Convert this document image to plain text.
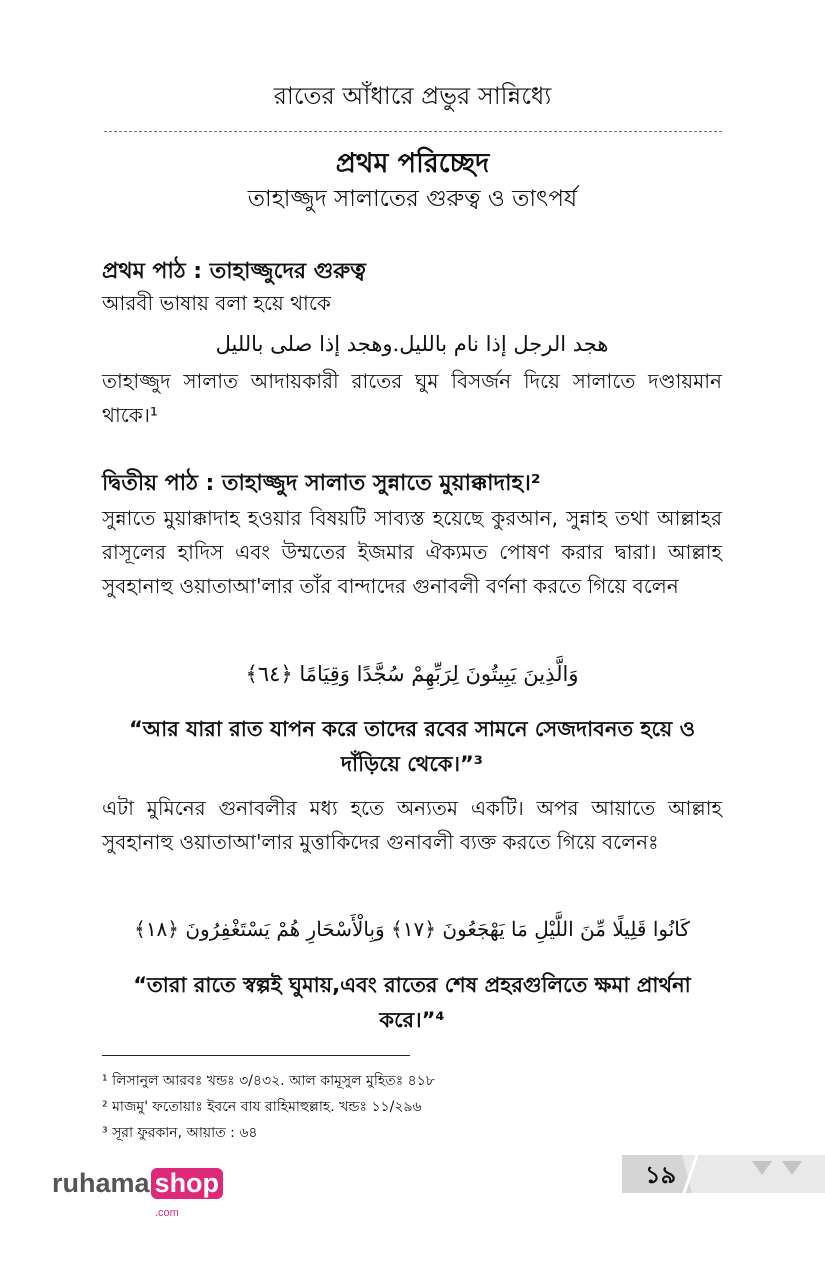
রাতের আঁধারে প্রভুর সান্নিধ্যে
প্রথম পরিচ্ছেদ
তাহাজ্জুদ সালাতের গুরুত্ব ও তাৎপর্য
প্রথম পাঠ : তাহাজ্জুদের গুরুত্ব
আরবী ভাষায় বলা হয়ে থাকে
هجد الرجل إذا نام بالليل.وهجد إذا صلى بالليل
তাহাজ্জুদ সালাত আদায়কারী রাতের ঘুম বিসর্জন দিয়ে সালাতে দণ্ডায়মান থাকে।¹
দ্বিতীয় পাঠ : তাহাজ্জুদ সালাত সুন্নাতে মুয়াক্কাদাহ।²
সুন্নাতে মুয়াক্কাদাহ হওয়ার বিষয়টি সাব্যস্ত হয়েছে কুরআন, সুন্নাহ তথা আল্লাহর রাসূলের হাদিস এবং উম্মতের ইজমার ঐক্যমত পোষণ করার দ্বারা। আল্লাহ সুবহানাহু ওয়াতাআ'লার তাঁর বান্দাদের গুনাবলী বর্ণনা করতে গিয়ে বলেন
وَالَّذِينَ يَبِيتُونَ لِرَبِّهِمْ سُجَّدًا وَقِيَامًا ﴿٦٤﴾
“আর যারা রাত যাপন করে তাদের রবের সামনে সেজদাবনত হয়ে ও দাঁড়িয়ে থেকে।”³
এটা মুমিনের গুনাবলীর মধ্য হতে অন্যতম একটি। অপর আয়াতে আল্লাহ সুবহানাহু ওয়াতাআ'লার মুত্তাকিদের গুনাবলী ব্যক্ত করতে গিয়ে বলেনঃ
كَانُوا قَلِيلًا مِّنَ اللَّيْلِ مَا يَهْجَعُونَ ﴿١٧﴾ وَبِالْأَسْحَارِ هُمْ يَسْتَغْفِرُونَ ﴿١٨﴾
“তারা রাতে স্বল্পই ঘুমায়,এবং রাতের শেষ প্রহরগুলিতে ক্ষমা প্রার্থনা করে।”⁴
¹ লিসানুল আরবঃ খন্ডঃ ৩/৪৩২. আল কামূসুল মুহিতঃ ৪১৮
² মাজমু' ফতোয়াঃ ইবনে বায রাহিমাহুল্লাহ. খন্ডঃ ১১/২৯৬
³ সূরা ফুরকান, আয়াত : ৬৪
১৯
ruhama shop
.com
